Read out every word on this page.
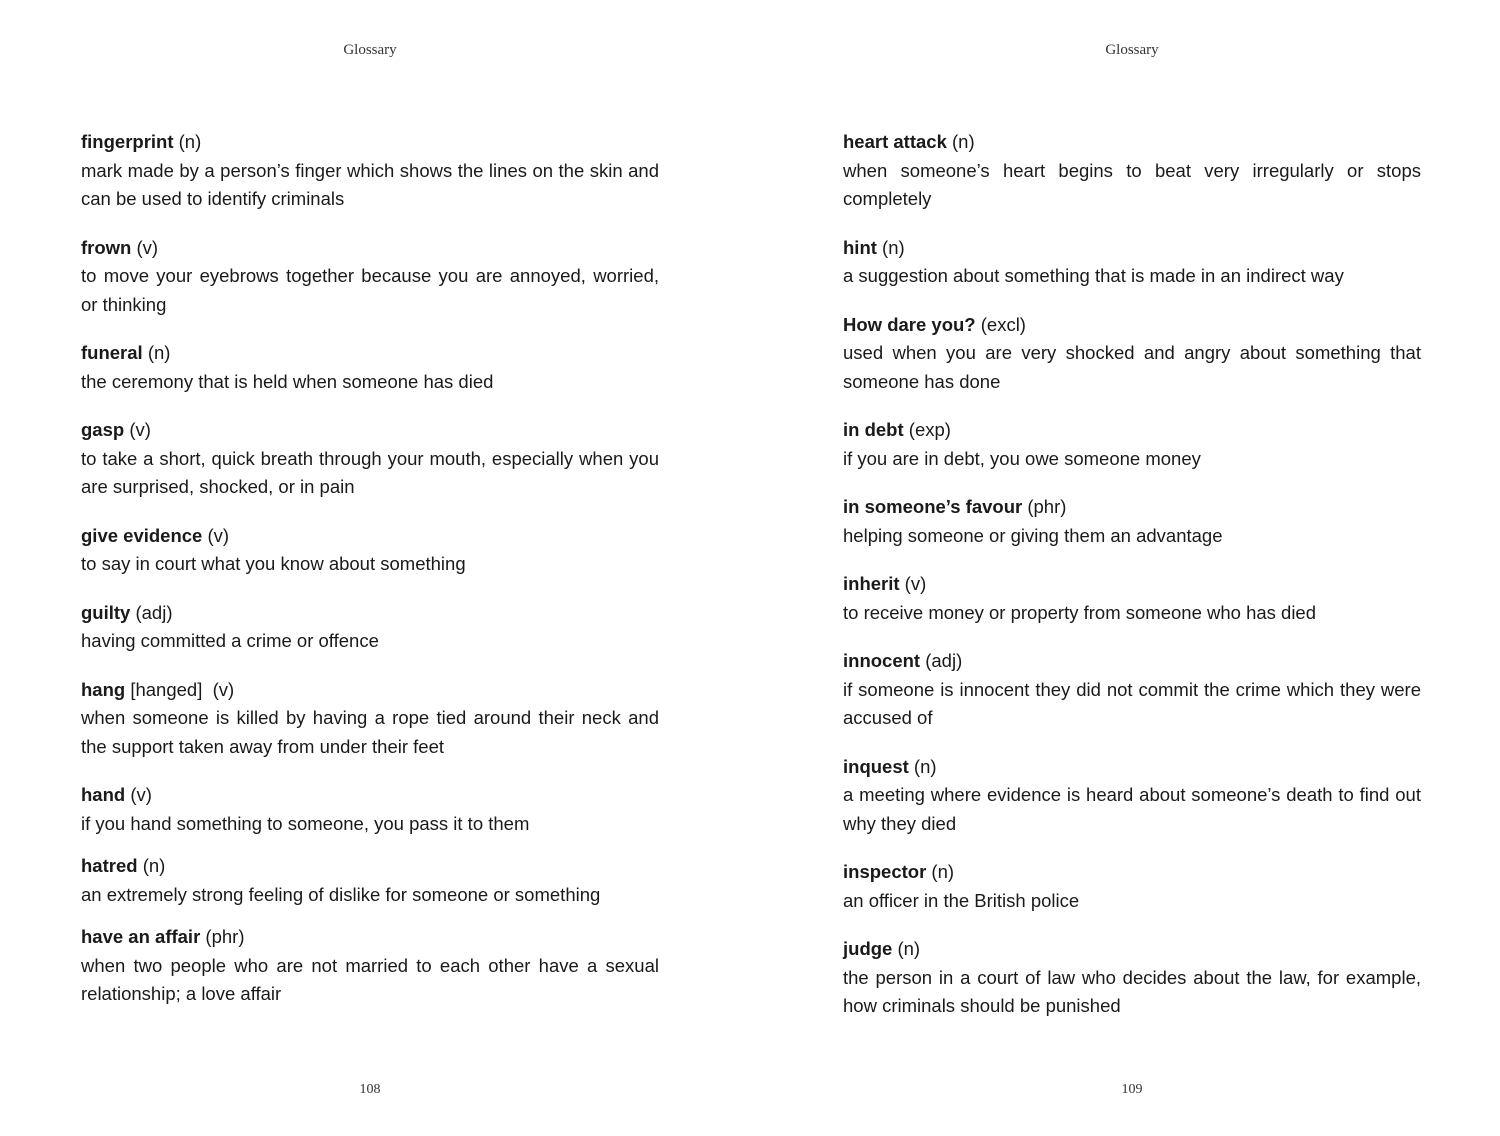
Glossary
fingerprint (n)
mark made by a person’s finger which shows the lines on the skin and can be used to identify criminals
frown (v)
to move your eyebrows together because you are annoyed, worried, or thinking
funeral (n)
the ceremony that is held when someone has died
gasp (v)
to take a short, quick breath through your mouth, especially when you are surprised, shocked, or in pain
give evidence (v)
to say in court what you know about something
guilty (adj)
having committed a crime or offence
hang [hanged] (v)
when someone is killed by having a rope tied around their neck and the support taken away from under their feet
hand (v)
if you hand something to someone, you pass it to them
hatred (n)
an extremely strong feeling of dislike for someone or something
have an affair (phr)
when two people who are not married to each other have a sexual relationship; a love affair
108
Glossary
heart attack (n)
when someone’s heart begins to beat very irregularly or stops completely
hint (n)
a suggestion about something that is made in an indirect way
How dare you? (excl)
used when you are very shocked and angry about something that someone has done
in debt (exp)
if you are in debt, you owe someone money
in someone’s favour (phr)
helping someone or giving them an advantage
inherit (v)
to receive money or property from someone who has died
innocent (adj)
if someone is innocent they did not commit the crime which they were accused of
inquest (n)
a meeting where evidence is heard about someone’s death to find out why they died
inspector (n)
an officer in the British police
judge (n)
the person in a court of law who decides about the law, for example, how criminals should be punished
109
